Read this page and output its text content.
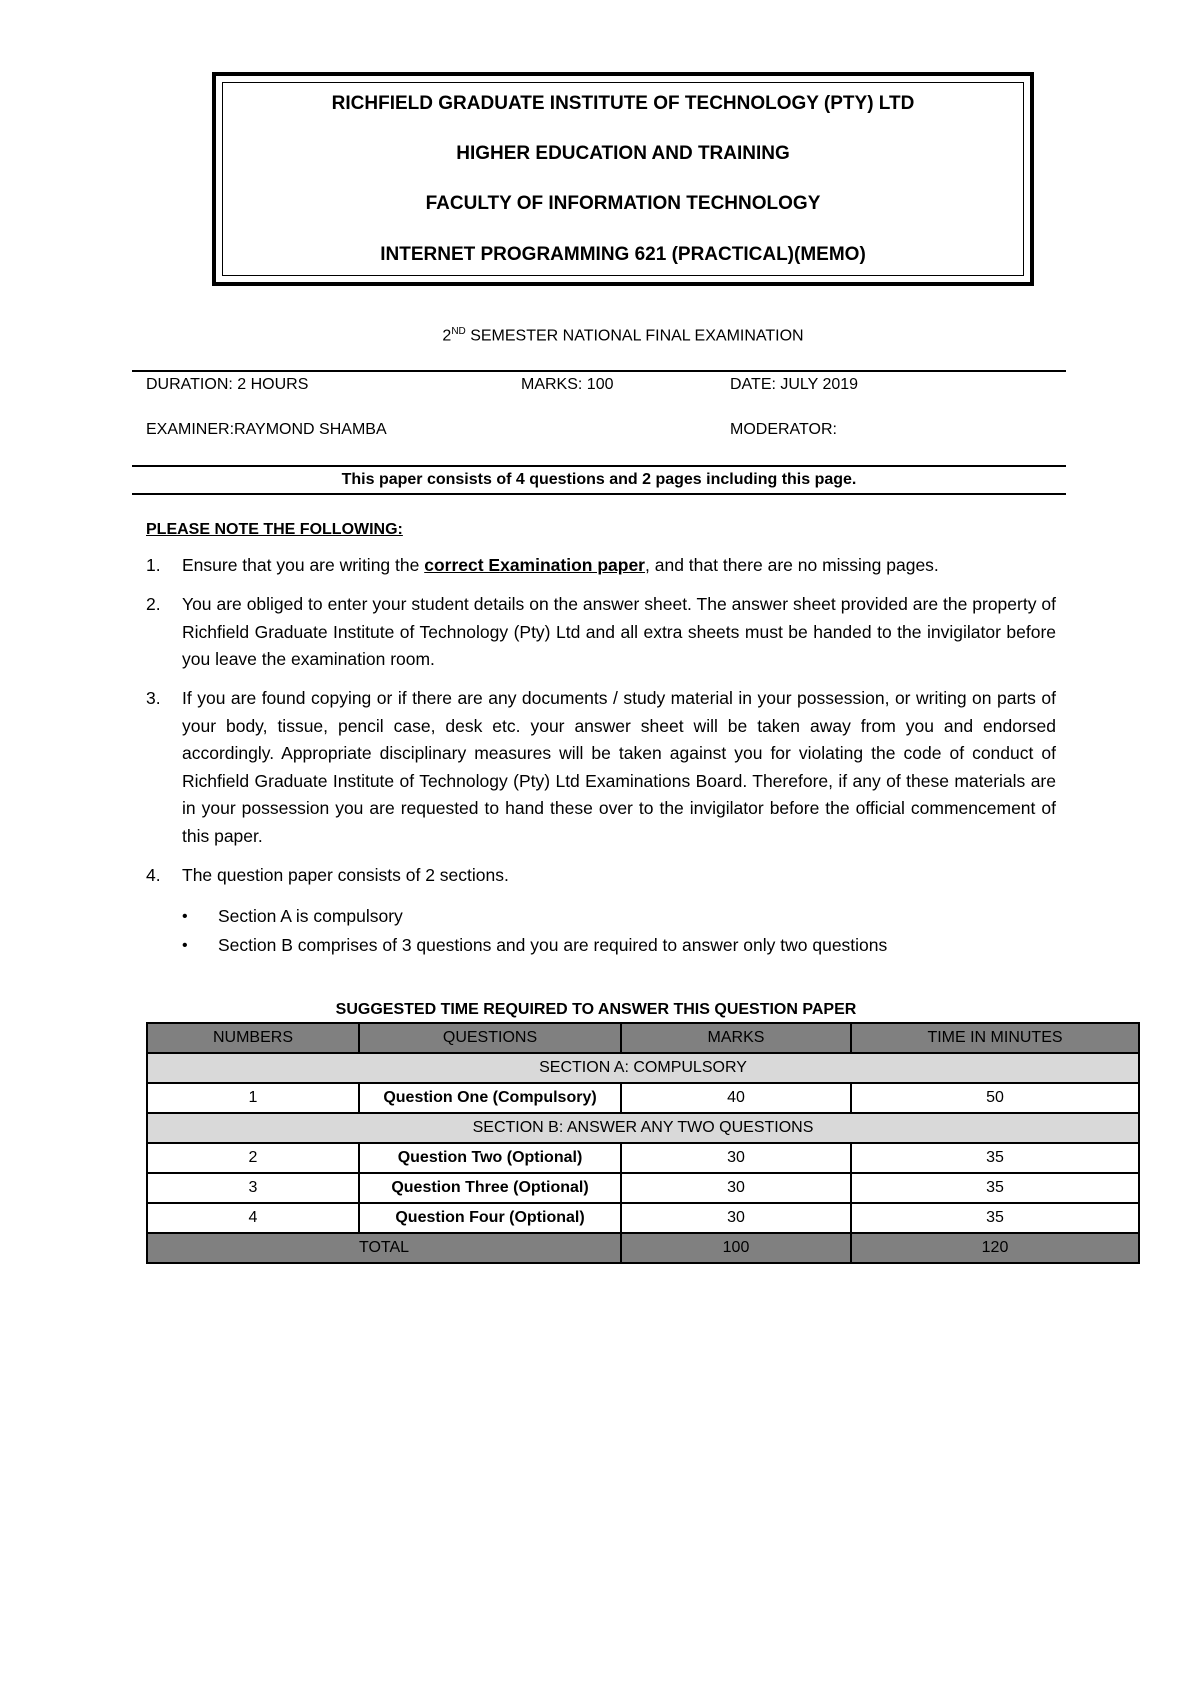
RICHFIELD GRADUATE INSTITUTE OF TECHNOLOGY (PTY) LTD
HIGHER EDUCATION AND TRAINING
FACULTY OF INFORMATION TECHNOLOGY
INTERNET PROGRAMMING 621 (PRACTICAL)(MEMO)
2ND SEMESTER NATIONAL FINAL EXAMINATION
DURATION: 2 HOURS	MARKS: 100	DATE: JULY 2019
EXAMINER:RAYMOND SHAMBA	MODERATOR:
This paper consists of 4 questions and 2 pages including this page.
PLEASE NOTE THE FOLLOWING:
1. Ensure that you are writing the correct Examination paper, and that there are no missing pages.
2. You are obliged to enter your student details on the answer sheet. The answer sheet provided are the property of Richfield Graduate Institute of Technology (Pty) Ltd and all extra sheets must be handed to the invigilator before you leave the examination room.
3. If you are found copying or if there are any documents / study material in your possession, or writing on parts of your body, tissue, pencil case, desk etc. your answer sheet will be taken away from you and endorsed accordingly. Appropriate disciplinary measures will be taken against you for violating the code of conduct of Richfield Graduate Institute of Technology (Pty) Ltd Examinations Board. Therefore, if any of these materials are in your possession you are requested to hand these over to the invigilator before the official commencement of this paper.
4. The question paper consists of 2 sections.
• Section A is compulsory
• Section B comprises of 3 questions and you are required to answer only two questions
SUGGESTED TIME REQUIRED TO ANSWER THIS QUESTION PAPER
NUMBERS	QUESTIONS	MARKS	TIME IN MINUTES
SECTION A: COMPULSORY			
1	Question One (Compulsory)	40	50
SECTION B: ANSWER ANY TWO QUESTIONS			
2	Question Two (Optional)	30	35
3	Question Three (Optional)	30	35
4	Question Four (Optional)	30	35
TOTAL		100	120
